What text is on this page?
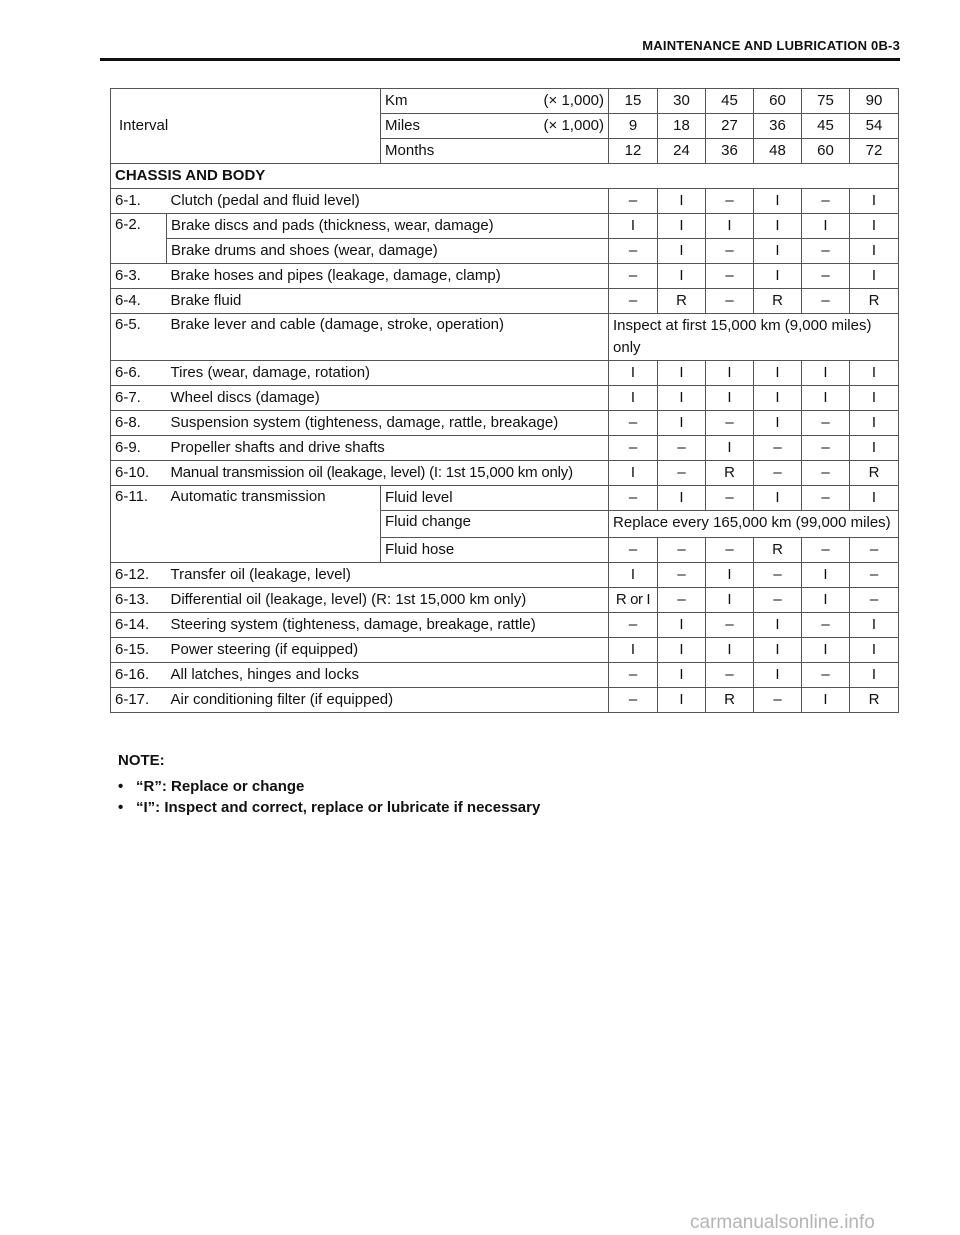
MAINTENANCE AND LUBRICATION 0B-3
Interval		Km	(× 1,000)	15	30	45	60	75	90
		Miles	(× 1,000)	9	18	27	36	45	54
		Months		12	24	36	48	60	72
CHASSIS AND BODY									
6-1.	Clutch (pedal and fluid level)			–	I	–	I	–	I
6-2.	Brake discs and pads (thickness, wear, damage)			I	I	I	I	I	I
	Brake drums and shoes (wear, damage)			–	I	–	I	–	I
6-3.	Brake hoses and pipes (leakage, damage, clamp)			–	I	–	I	–	I
6-4.	Brake fluid			–	R	–	R	–	R
6-5.	Brake lever and cable (damage, stroke, operation)			Inspect at first 15,000 km (9,000 miles) only					
6-6.	Tires (wear, damage, rotation)			I	I	I	I	I	I
6-7.	Wheel discs (damage)			I	I	I	I	I	I
6-8.	Suspension system (tighteness, damage, rattle, breakage)			–	I	–	I	–	I
6-9.	Propeller shafts and drive shafts			–	–	I	–	–	I
6-10.	Manual transmission oil (leakage, level) (I: 1st 15,000 km only)			I	–	R	–	–	R
6-11.	Automatic transmission	Fluid level		–	I	–	I	–	I
		Fluid change		Replace every 165,000 km (99,000 miles)					
		Fluid hose		–	–	–	R	–	–
6-12.	Transfer oil (leakage, level)			I	–	I	–	I	–
6-13.	Differential oil (leakage, level) (R: 1st 15,000 km only)			R or I	–	I	–	I	–
6-14.	Steering system (tighteness, damage, breakage, rattle)			–	I	–	I	–	I
6-15.	Power steering (if equipped)			I	I	I	I	I	I
6-16.	All latches, hinges and locks			–	I	–	I	–	I
6-17.	Air conditioning filter (if equipped)			–	I	R	–	I	R
NOTE:
• “R”: Replace or change
• “I”: Inspect and correct, replace or lubricate if necessary
carmanualsonline.info
